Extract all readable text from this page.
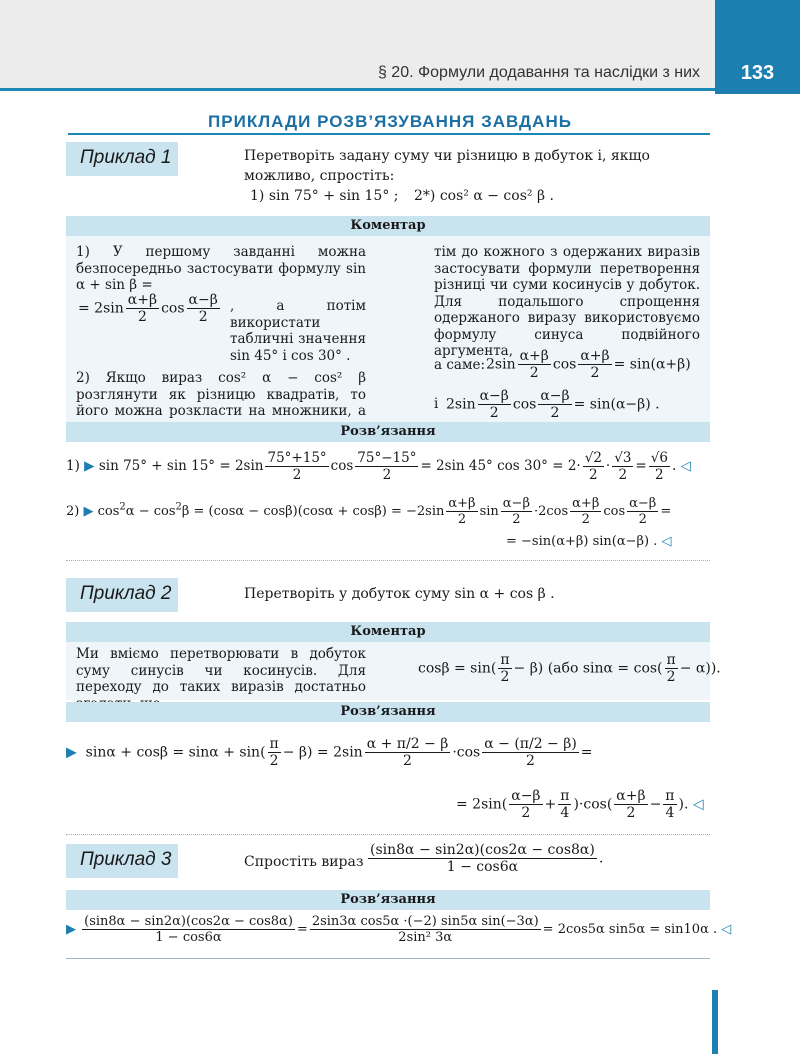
133
§ 20. Формули додавання та наслідки з них
ПРИКЛАДИ РОЗВ’ЯЗУВАННЯ ЗАВДАНЬ
Приклад 1	Перетворіть задану суму чи різницю в добуток і, якщо можливо, спростіть:
1) sin 75° + sin 15° ; 2*) cos² α − cos² β .
Коментар
1) У першому завданні можна безпосередньо застосувати формулу sin α + sin β =
= $2\sin \frac{\alpha+\beta}{2}$ $\cos \frac{\alpha-\beta}{2}$ , а потім використати табличні значення sin 45° і cos 30° .
2) Якщо вираз cos² α − cos² β розглянути як різницю квадратів, то його можна розкласти на множники, а
тім до кожного з одержаних виразів застосувати формули перетворення різниці чи суми косинусів у добуток. Для подальшого спрощення одержаного виразу використовуємо формулу синуса подвійного аргумента,
а саме: $2\sin \frac{\alpha+\beta}{2}$ $\cos \frac{\alpha+\beta}{2} = \sin(\alpha+\beta)$
і $2\sin \frac{\alpha-\beta}{2}$ $\cos \frac{\alpha-\beta}{2} = \sin(\alpha-\beta)$ .
Розв’язання
1) ▶ $\sin 75^\circ + \sin 15^\circ = 2\sin \frac{75^\circ+15^\circ}{2}$ $\cos \frac{75^\circ-15^\circ}{2} = 2\sin$ 45° $\cos 30^\circ = 2\cdot \frac{√2}{2} \cdot \frac{√3}{2} = \frac{√6}{2}$ . ◁
2) ▶ $\cos^2\alpha - \cos^2\beta = (\cos\alpha - \cos\beta)(\cos\alpha + \cos\beta) = -2\sin \frac{\alpha+\beta}{2}$ $\sin \frac{\alpha-\beta}{2} \cdot 2\cos \frac{\alpha+\beta}{2}$ $\cos \frac{\alpha-\beta}{2}$ =
= −sin(α+β) sin(α−β) . ◁
Приклад 2	Перетворіть у добуток суму sin α + cos β .
Коментар
Ми вміємо перетворювати в добуток суму синусів чи косинусів. Для переходу до таких виразів достатньо
$\cos\beta = \sin( \frac{\pi}{2} - \beta)$ (або $\sin\alpha = \cos( \frac{\pi}{2} - \alpha)$).
Розв’язання
▶  $\sin\alpha + \cos\beta = \sin\alpha + \sin( \frac{\pi}{2} - \beta) = 2\sin \frac{\alpha + \pi/2 - \beta}{2} \cdot\cos \frac{\alpha - (\pi/2 - \beta)}{2}$ =
= $2\sin( \frac{\alpha-\beta}{2} + \frac{\pi}{4} )\cdot\cos( \frac{\alpha+\beta}{2} - \frac{\pi}{4}$ ). ◁
Приклад 3	Спростіть вираз $\frac{(\sin 8\alpha - \sin 2\alpha)(\cos 2\alpha - \cos 8\alpha)}{1 - \cos 6\alpha}$ .
Розв’язання
▶ $\frac{(\sin 8\alpha - \sin 2\alpha)(\cos 2\alpha - \cos 8\alpha)}{1 - \cos 6\alpha} = \frac{\text{2sin3α cos5α ·(−2) sin5α sin(−3α)}}{\text{2sin² 3α}} = 2\cos 5\alpha$ sin5α = sin10α . ◁
